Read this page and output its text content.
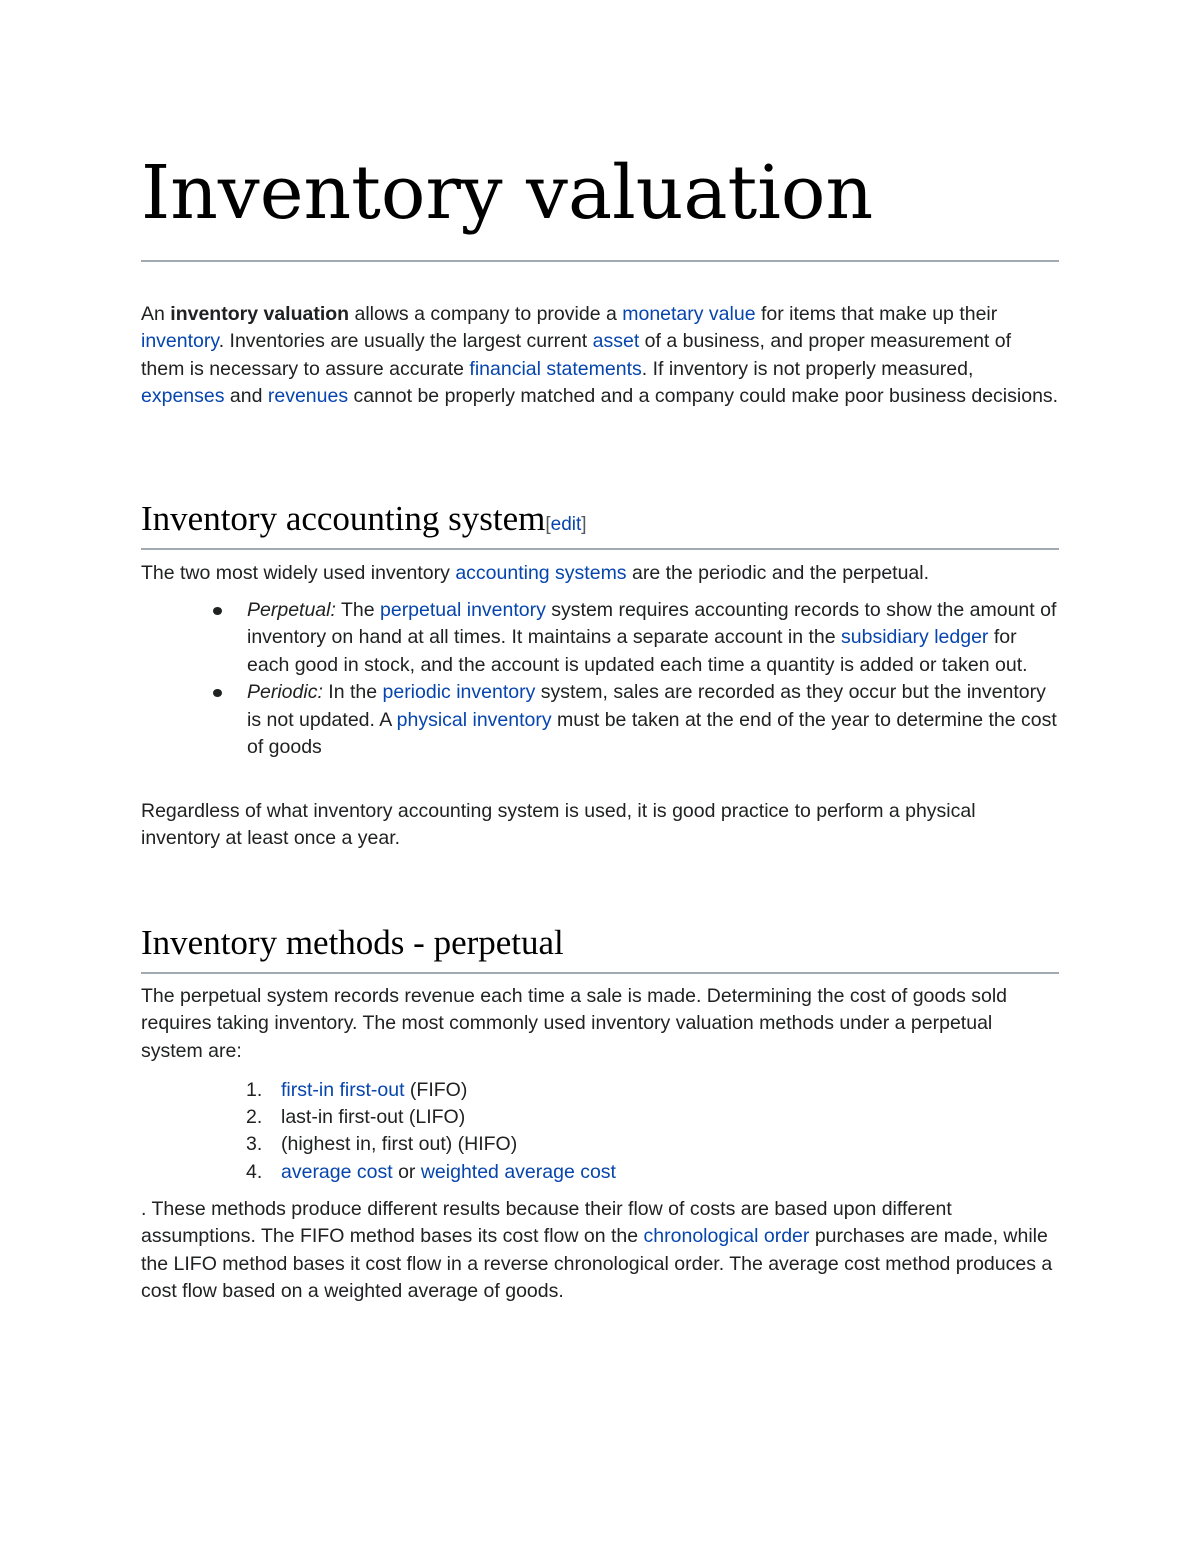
Inventory valuation

An inventory valuation allows a company to provide a monetary value for items that make up their inventory. Inventories are usually the largest current asset of a business, and proper measurement of them is necessary to assure accurate financial statements. If inventory is not properly measured, expenses and revenues cannot be properly matched and a company could make poor business decisions.

Inventory accounting system[edit]

The two most widely used inventory accounting systems are the periodic and the perpetual.

Perpetual: The perpetual inventory system requires accounting records to show the amount of inventory on hand at all times. It maintains a separate account in the subsidiary ledger for each good in stock, and the account is updated each time a quantity is added or taken out.
Periodic: In the periodic inventory system, sales are recorded as they occur but the inventory is not updated. A physical inventory must be taken at the end of the year to determine the cost of goods

Regardless of what inventory accounting system is used, it is good practice to perform a physical inventory at least once a year.

Inventory methods - perpetual

The perpetual system records revenue each time a sale is made. Determining the cost of goods sold requires taking inventory. The most commonly used inventory valuation methods under a perpetual system are:

1. first-in first-out (FIFO)
2. last-in first-out (LIFO)
3. (highest in, first out) (HIFO)
4. average cost or weighted average cost

. These methods produce different results because their flow of costs are based upon different assumptions. The FIFO method bases its cost flow on the chronological order purchases are made, while the LIFO method bases it cost flow in a reverse chronological order. The average cost method produces a cost flow based on a weighted average of goods.
